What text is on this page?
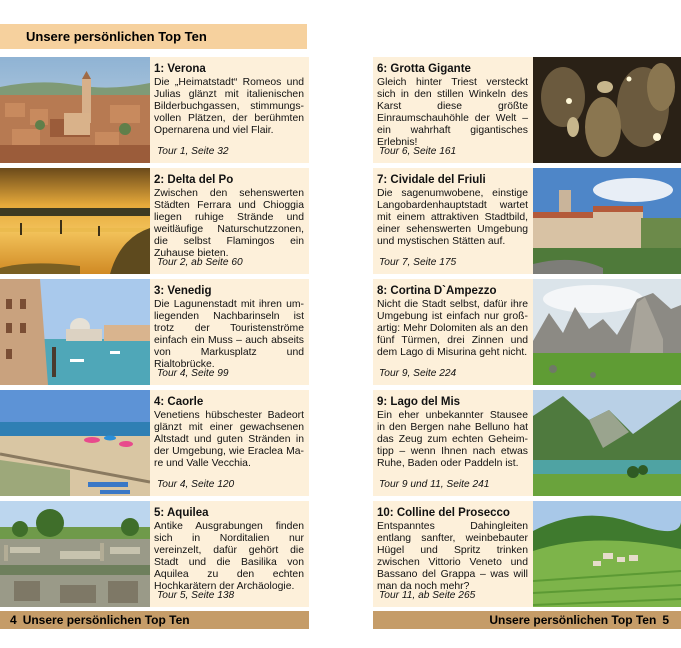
Unsere persönlichen Top Ten
1: Verona
Die „Heimatstadt“ Romeos und Julias glänzt mit italienischen Bilderbuchgassen, stimmungsvollen Plätzen, der berühmten Opernarena und viel Flair.
Tour 1, Seite 32
2: Delta del Po
Zwischen den sehenswerten Städten Ferrara und Chioggia liegen ruhige Strände und weitläufige Naturschutzzonen, die selbst Flamingos ein Zuhause bieten.
Tour 2, ab Seite 60
3: Venedig
Die Lagunenstadt mit ihren umliegenden Nachbarinseln ist trotz der Touristenströme einfach ein Muss – auch abseits von Markusplatz und Rialtobrücke.
Tour 4, Seite 99
4: Caorle
Venetiens hübschester Badeort glänzt mit einer gewachsenen Altstadt und guten Stränden in der Umgebung, wie Eraclea Mare und Valle Vecchia.
Tour 4, Seite 120
5: Aquilea
Antike Ausgrabungen finden sich in Norditalien nur vereinzelt, dafür gehört die Stadt und die Basilika von Aquilea zu den echten Hochkarätern der Archäologie.
Tour 5, Seite 138
4 Unsere persönlichen Top Ten
6: Grotta Gigante
Gleich hinter Triest versteckt sich in den stillen Winkeln des Karst diese größte Einraumschauhöhle der Welt – ein wahrhaft gigantisches Erlebnis!
Tour 6, Seite 161
7: Cividale del Friuli
Die sagenumwobene, einstige Langobardenhauptstadt wartet mit einem attraktiven Stadtbild, einer sehenswerten Umgebung und mystischen Stätten auf.
Tour 7, Seite 175
8: Cortina D`Ampezzo
Nicht die Stadt selbst, dafür ihre Umgebung ist einfach nur großartig: Mehr Dolomiten als an den fünf Türmen, drei Zinnen und dem Lago di Misurina geht nicht.
Tour 9, Seite 224
9: Lago del Mis
Ein eher unbekannter Stausee in den Bergen nahe Belluno hat das Zeug zum echten Geheimtipp – wenn Ihnen nach etwas Ruhe, Baden oder Paddeln ist.
Tour 9 und 11, Seite 241
10: Colline del Prosecco
Entspanntes Dahingleiten entlang sanfter, weinbebauter Hügel und Spritz trinken zwischen Vittorio Veneto und Bassano del Grappa – was will man da noch mehr?
Tour 11, ab Seite 265
Unsere persönlichen Top Ten 5
